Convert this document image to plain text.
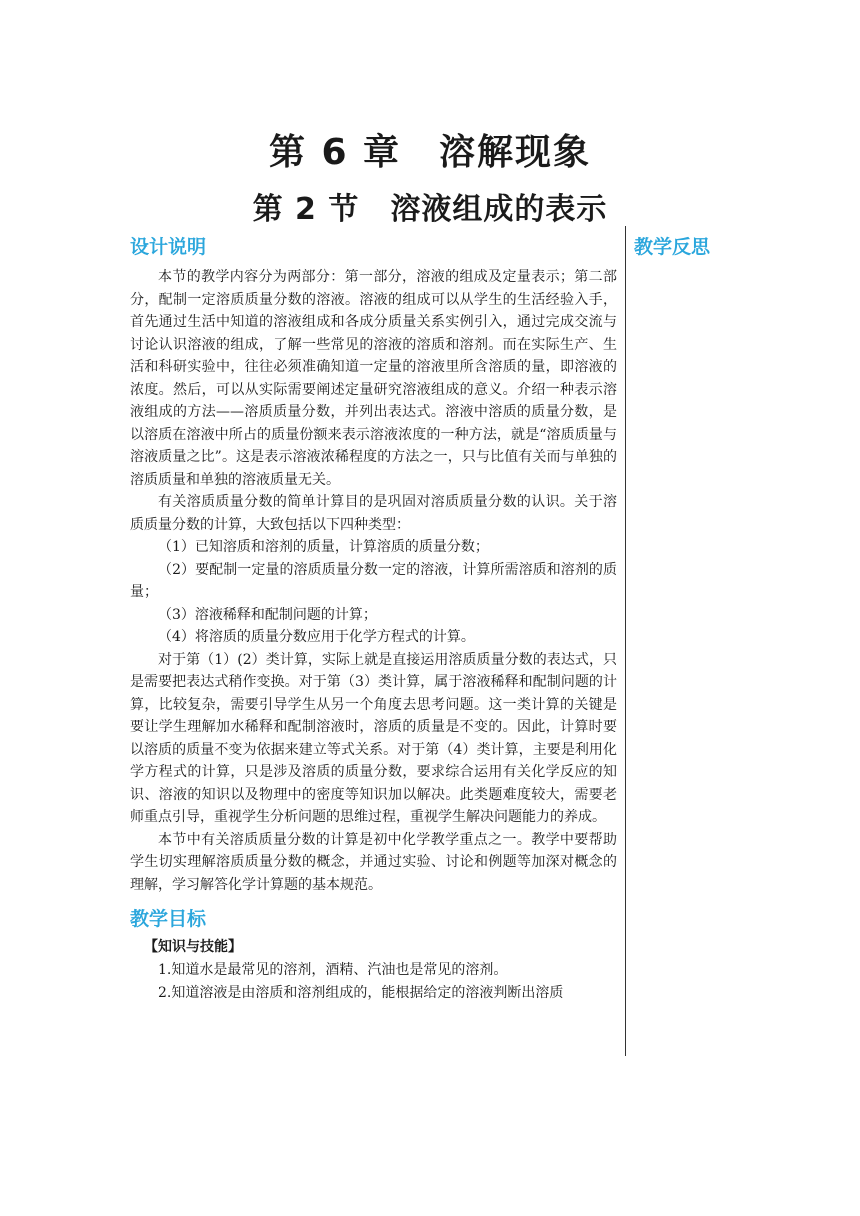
第 6 章　溶解现象
第 2 节　溶液组成的表示
设计说明

本节的教学内容分为两部分：第一部分，溶液的组成及定量表示；第二部分，配制一定溶质质量分数的溶液。溶液的组成可以从学生的生活经验入手，首先通过生活中知道的溶液组成和各成分质量关系实例引入，通过完成交流与讨论认识溶液的组成，了解一些常见的溶液的溶质和溶剂。而在实际生产、生活和科研实验中，往往必须准确知道一定量的溶液里所含溶质的量，即溶液的浓度。然后，可以从实际需要阐述定量研究溶液组成的意义。介绍一种表示溶液组成的方法——溶质质量分数，并列出表达式。溶液中溶质的质量分数，是以溶质在溶液中所占的质量份额来表示溶液浓度的一种方法，就是“溶质质量与溶液质量之比”。这是表示溶液浓稀程度的方法之一，只与比值有关而与单独的溶质质量和单独的溶液质量无关。

有关溶质质量分数的简单计算目的是巩固对溶质质量分数的认识。关于溶质质量分数的计算，大致包括以下四种类型：

（1）已知溶质和溶剂的质量，计算溶质的质量分数；

（2）要配制一定量的溶质质量分数一定的溶液，计算所需溶质和溶剂的质量；

（3）溶液稀释和配制问题的计算；

（4）将溶质的质量分数应用于化学方程式的计算。

对于第（1）(2）类计算，实际上就是直接运用溶质质量分数的表达式，只是需要把表达式稍作变换。对于第（3）类计算，属于溶液稀释和配制问题的计算，比较复杂，需要引导学生从另一个角度去思考问题。这一类计算的关键是要让学生理解加水稀释和配制溶液时，溶质的质量是不变的。因此，计算时要以溶质的质量不变为依据来建立等式关系。对于第（4）类计算，主要是利用化学方程式的计算，只是涉及溶质的质量分数，要求综合运用有关化学反应的知识、溶液的知识以及物理中的密度等知识加以解决。此类题难度较大，需要老师重点引导，重视学生分析问题的思维过程，重视学生解决问题能力的养成。

本节中有关溶质质量分数的计算是初中化学教学重点之一。教学中要帮助学生切实理解溶质质量分数的概念，并通过实验、讨论和例题等加深对概念的理解，学习解答化学计算题的基本规范。

教学目标

【知识与技能】

1.知道水是最常见的溶剂，酒精、汽油也是常见的溶剂。

2.知道溶液是由溶质和溶剂组成的，能根据给定的溶液判断出溶质

教学反思
